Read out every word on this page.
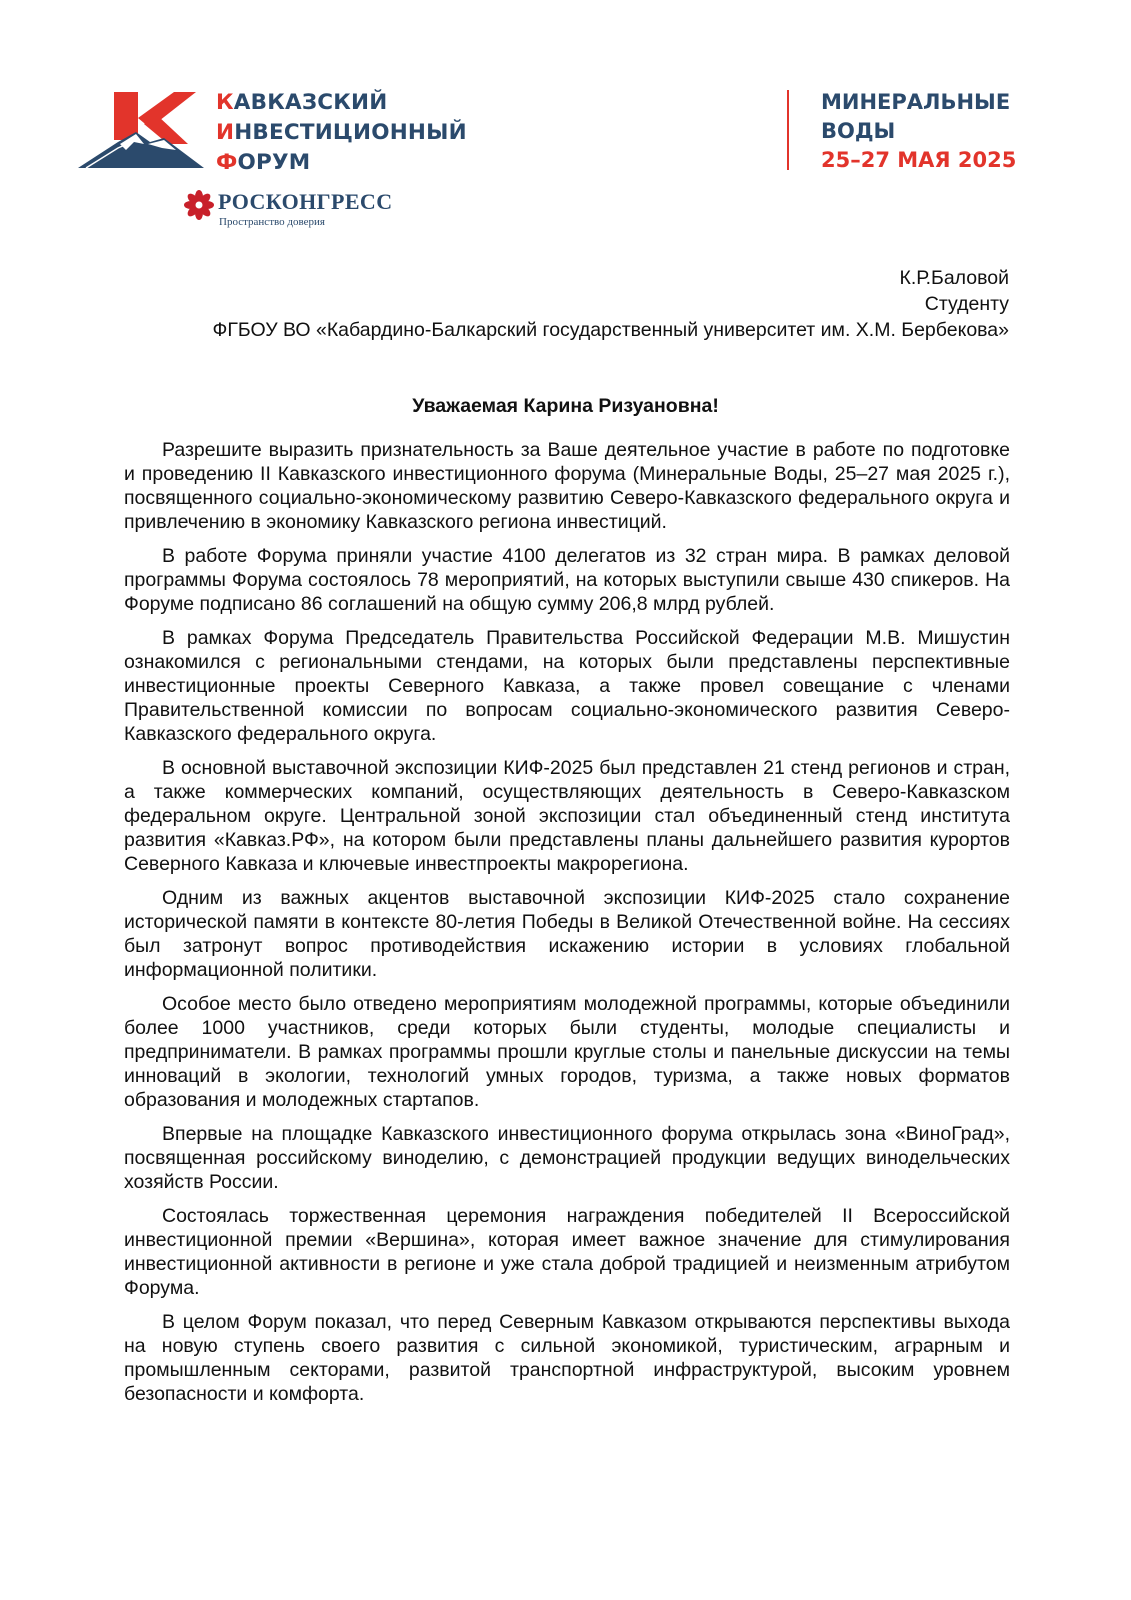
КАВКАЗСКИЙ
ИНВЕСТИЦИОННЫЙ
ФОРУМ
МИНЕРАЛЬНЫЕ
ВОДЫ
25–27 МАЯ 2025
РОСКОНГРЕСС
Пространство доверия
К.Р.Баловой
Студенту
ФГБОУ ВО «Кабардино-Балкарский государственный университет им. Х.М. Бербекова»
Уважаемая Карина Ризуановна!

Разрешите выразить признательность за Ваше деятельное участие в работе по подготовке и проведению II Кавказского инвестиционного форума (Минеральные Воды, 25–27 мая 2025 г.), посвященного социально-экономическому развитию Северо-Кавказского федерального округа и привлечению в экономику Кавказского региона инвестиций.

В работе Форума приняли участие 4100 делегатов из 32 стран мира. В рамках деловой программы Форума состоялось 78 мероприятий, на которых выступили свыше 430 спикеров. На Форуме подписано 86 соглашений на общую сумму 206,8 млрд рублей.

В рамках Форума Председатель Правительства Российской Федерации М.В. Мишустин ознакомился с региональными стендами, на которых были представлены перспективные инвестиционные проекты Северного Кавказа, а также провел совещание с членами Правительственной комиссии по вопросам социально-экономического развития Северо-Кавказского федерального округа.

В основной выставочной экспозиции КИФ-2025 был представлен 21 стенд регионов и стран, а также коммерческих компаний, осуществляющих деятельность в Северо-Кавказском федеральном округе. Центральной зоной экспозиции стал объединенный стенд института развития «Кавказ.РФ», на котором были представлены планы дальнейшего развития курортов Северного Кавказа и ключевые инвестпроекты макрорегиона.

Одним из важных акцентов выставочной экспозиции КИФ-2025 стало сохранение исторической памяти в контексте 80-летия Победы в Великой Отечественной войне. На сессиях был затронут вопрос противодействия искажению истории в условиях глобальной информационной политики.

Особое место было отведено мероприятиям молодежной программы, которые объединили более 1000 участников, среди которых были студенты, молодые специалисты и предприниматели. В рамках программы прошли круглые столы и панельные дискуссии на темы инноваций в экологии, технологий умных городов, туризма, а также новых форматов образования и молодежных стартапов.

Впервые на площадке Кавказского инвестиционного форума открылась зона «ВиноГрад», посвященная российскому виноделию, с демонстрацией продукции ведущих винодельческих хозяйств России.

Состоялась торжественная церемония награждения победителей II Всероссийской инвестиционной премии «Вершина», которая имеет важное значение для стимулирования инвестиционной активности в регионе и уже стала доброй традицией и неизменным атрибутом Форума.

В целом Форум показал, что перед Северным Кавказом открываются перспективы выхода на новую ступень своего развития с сильной экономикой, туристическим, аграрным и промышленным секторами, развитой транспортной инфраструктурой, высоким уровнем безопасности и комфорта.
